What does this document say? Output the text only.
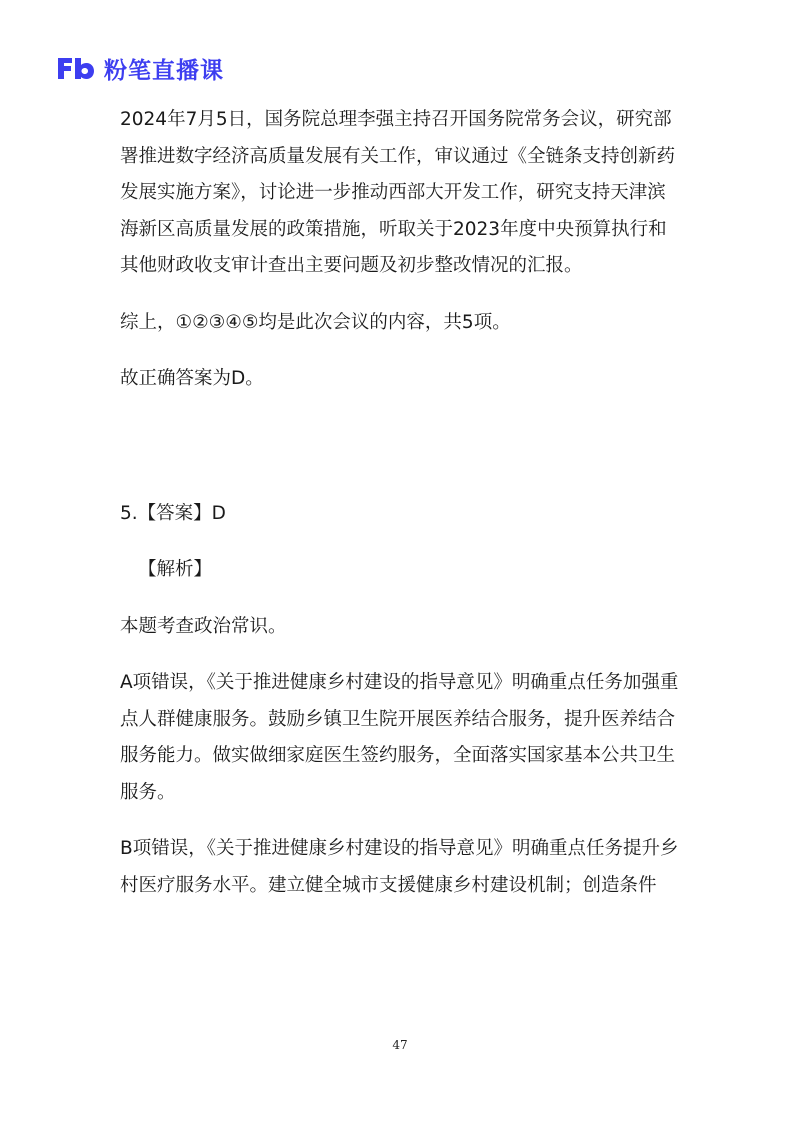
粉笔直播课

2024年7月5日，国务院总理李强主持召开国务院常务会议，研究部署推进数字经济高质量发展有关工作，审议通过《全链条支持创新药发展实施方案》，讨论进一步推动西部大开发工作，研究支持天津滨海新区高质量发展的政策措施，听取关于2023年度中央预算执行和其他财政收支审计查出主要问题及初步整改情况的汇报。

综上，①②③④⑤均是此次会议的内容，共5项。

故正确答案为D。

5.【答案】D

【解析】

本题考查政治常识。

A项错误，《关于推进健康乡村建设的指导意见》明确重点任务加强重点人群健康服务。鼓励乡镇卫生院开展医养结合服务，提升医养结合服务能力。做实做细家庭医生签约服务，全面落实国家基本公共卫生服务。

B项错误，《关于推进健康乡村建设的指导意见》明确重点任务提升乡村医疗服务水平。建立健全城市支援健康乡村建设机制；创造条件

47
